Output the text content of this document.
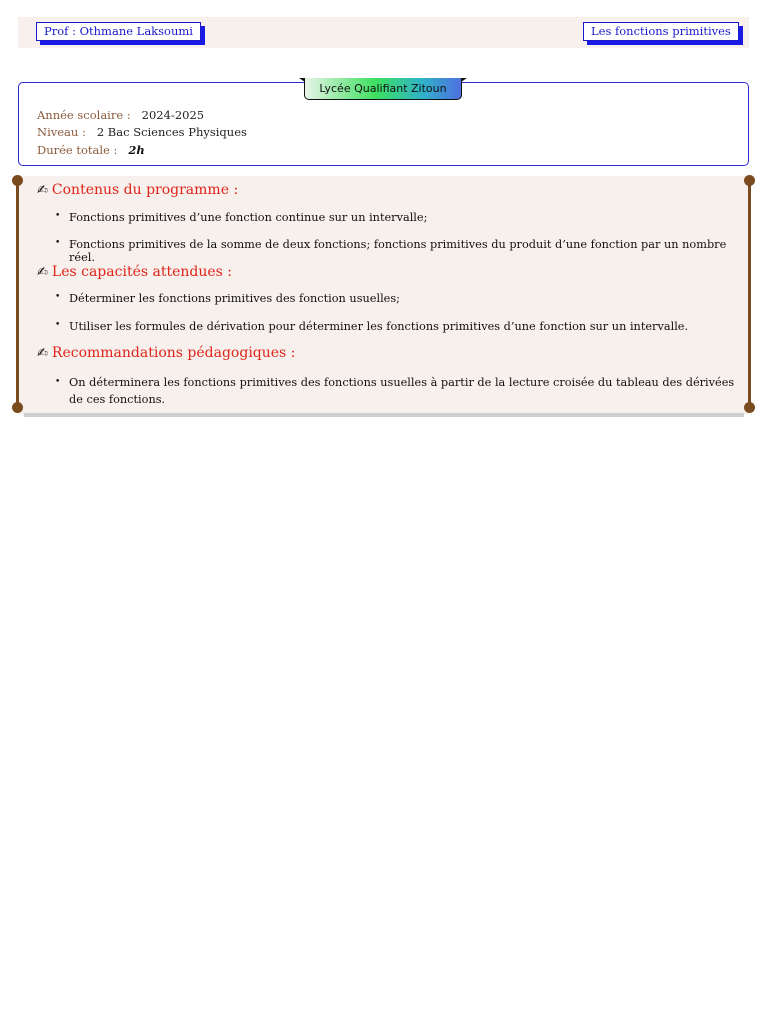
Prof : Othmane Laksoumi	Les fonctions primitives
Lycée Qualifiant Zitoun
Année scolaire : 2024-2025
Niveau : 2 Bac Sciences Physiques
Durée totale : 2h
✍ Contenus du programme :
• Fonctions primitives d’une fonction continue sur un intervalle;
• Fonctions primitives de la somme de deux fonctions; fonctions primitives du produit d’une fonction par un nombre réel.
✍ Les capacités attendues :
• Déterminer les fonctions primitives des fonction usuelles;
• Utiliser les formules de dérivation pour déterminer les fonctions primitives d’une fonction sur un intervalle.
✍ Recommandations pédagogiques :
• On déterminera les fonctions primitives des fonctions usuelles à partir de la lecture croisée du tableau des dérivées de ces fonctions.
